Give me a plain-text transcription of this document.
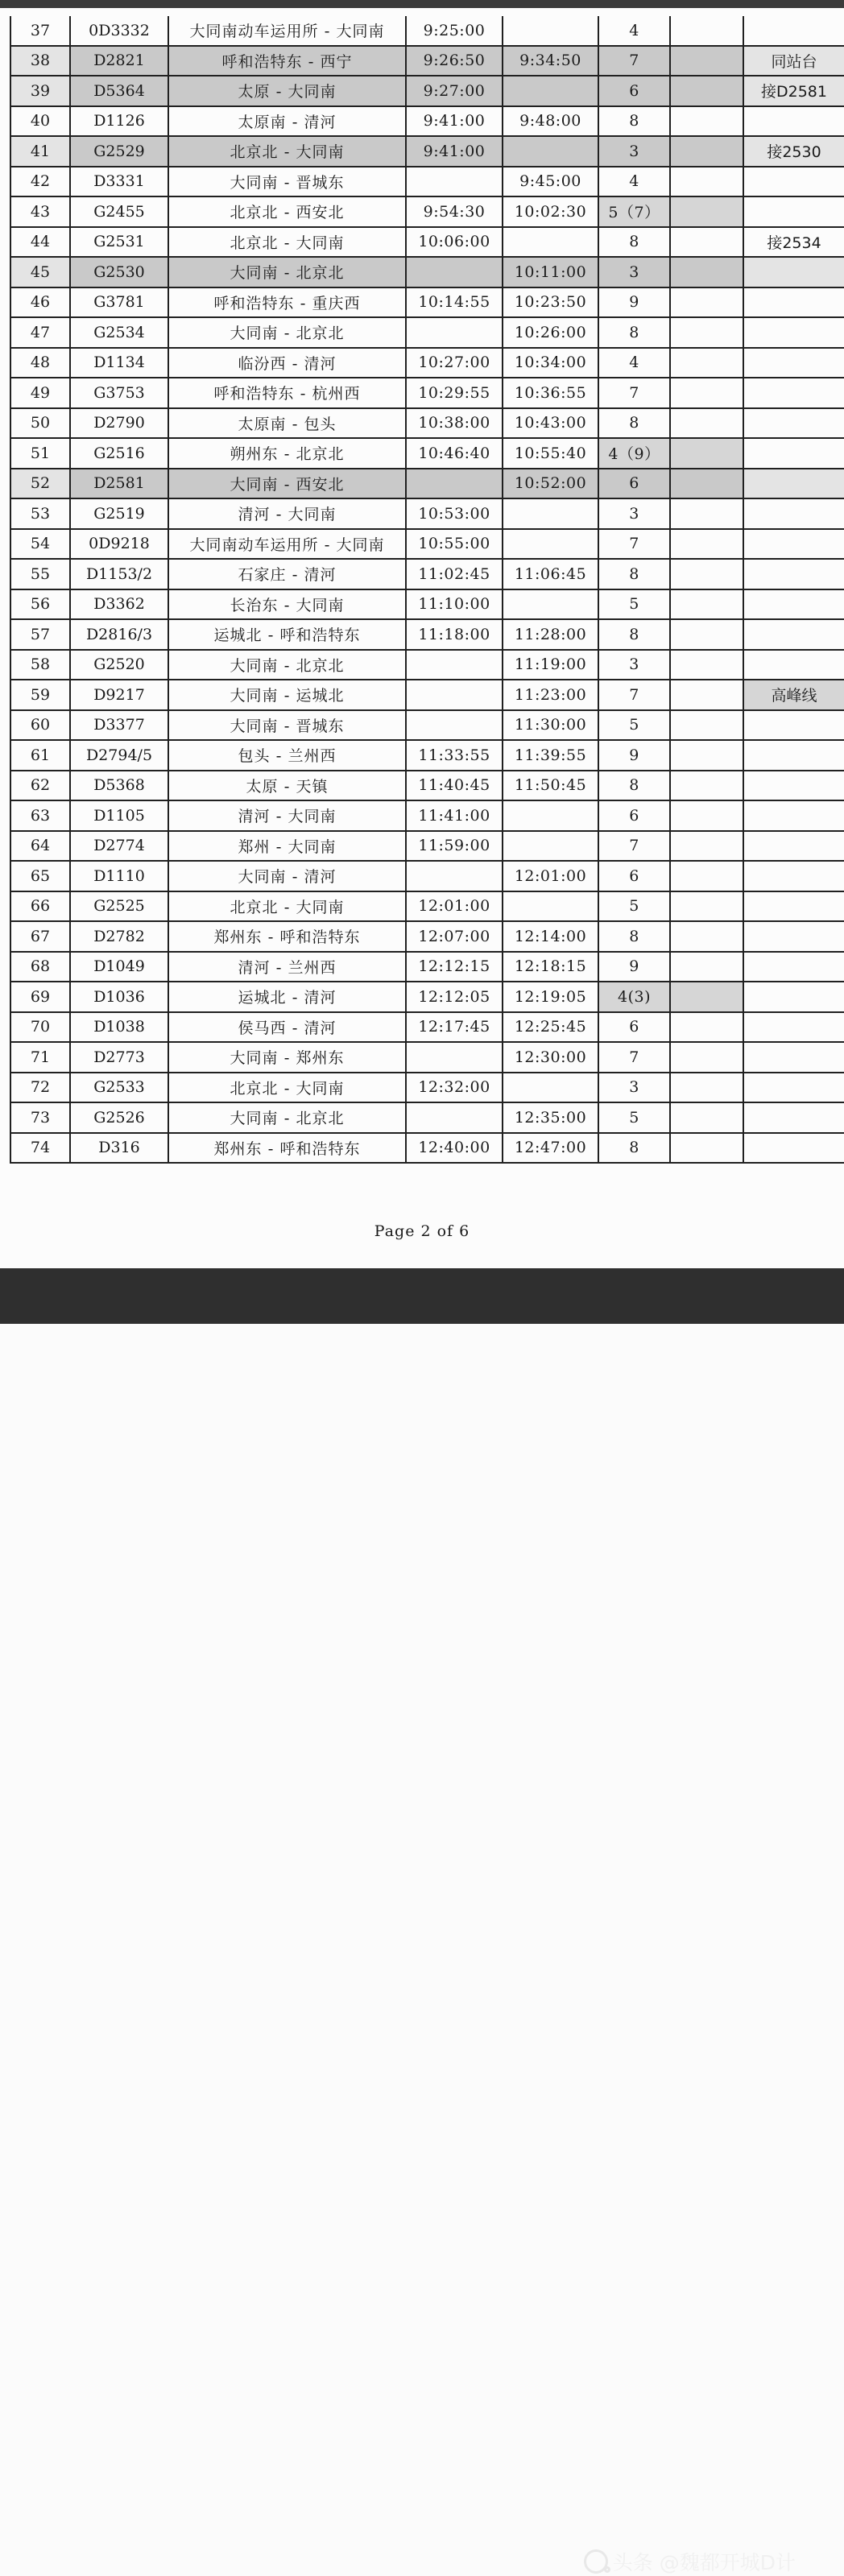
37	0D3332	大同南动车运用所 - 大同南	9:25:00		4		
38	D2821	呼和浩特东 - 西宁	9:26:50	9:34:50	7		同站台
39	D5364	太原 - 大同南	9:27:00		6		接D2581
40	D1126	太原南 - 清河	9:41:00	9:48:00	8		
41	G2529	北京北 - 大同南	9:41:00		3		接2530
42	D3331	大同南 - 晋城东		9:45:00	4		
43	G2455	北京北 - 西安北	9:54:30	10:02:30	5（7）		
44	G2531	北京北 - 大同南	10:06:00		8		接2534
45	G2530	大同南 - 北京北		10:11:00	3		
46	G3781	呼和浩特东 - 重庆西	10:14:55	10:23:50	9		
47	G2534	大同南 - 北京北		10:26:00	8		
48	D1134	临汾西 - 清河	10:27:00	10:34:00	4		
49	G3753	呼和浩特东 - 杭州西	10:29:55	10:36:55	7		
50	D2790	太原南 - 包头	10:38:00	10:43:00	8		
51	G2516	朔州东 - 北京北	10:46:40	10:55:40	4（9）		
52	D2581	大同南 - 西安北		10:52:00	6		
53	G2519	清河 - 大同南	10:53:00		3		
54	0D9218	大同南动车运用所 - 大同南	10:55:00		7		
55	D1153/2	石家庄 - 清河	11:02:45	11:06:45	8		
56	D3362	长治东 - 大同南	11:10:00		5		
57	D2816/3	运城北 - 呼和浩特东	11:18:00	11:28:00	8		
58	G2520	大同南 - 北京北		11:19:00	3		
59	D9217	大同南 - 运城北		11:23:00	7		高峰线
60	D3377	大同南 - 晋城东		11:30:00	5		
61	D2794/5	包头 - 兰州西	11:33:55	11:39:55	9		
62	D5368	太原 - 天镇	11:40:45	11:50:45	8		
63	D1105	清河 - 大同南	11:41:00		6		
64	D2774	郑州 - 大同南	11:59:00		7		
65	D1110	大同南 - 清河		12:01:00	6		
66	G2525	北京北 - 大同南	12:01:00		5		
67	D2782	郑州东 - 呼和浩特东	12:07:00	12:14:00	8		
68	D1049	清河 - 兰州西	12:12:15	12:18:15	9		
69	D1036	运城北 - 清河	12:12:05	12:19:05	4(3)		
70	D1038	侯马西 - 清河	12:17:45	12:25:45	6		
71	D2773	大同南 - 郑州东		12:30:00	7		
72	G2533	北京北 - 大同南	12:32:00		3		
73	G2526	大同南 - 北京北		12:35:00	5		
74	D316	郑州东 - 呼和浩特东	12:40:00	12:47:00	8		
Page 2 of 6
头条 @魏都开城D计
